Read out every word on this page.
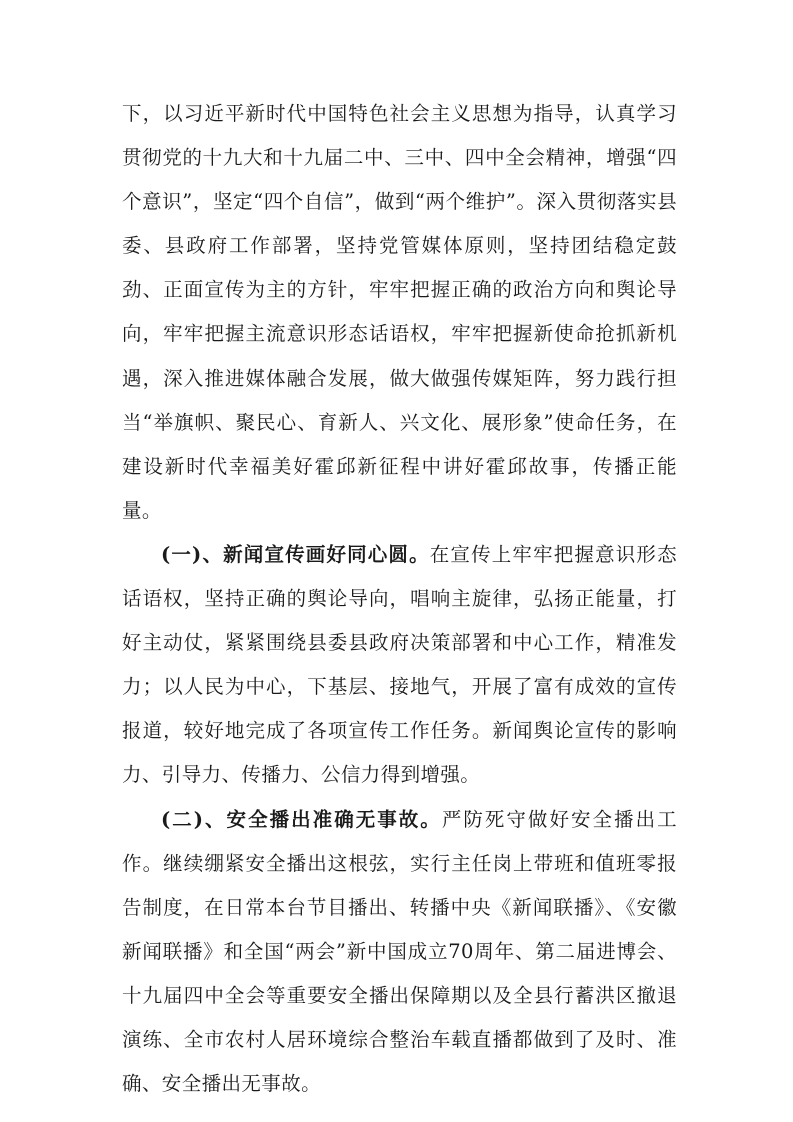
下，以习近平新时代中国特色社会主义思想为指导，认真学习贯彻党的十九大和十九届二中、三中、四中全会精神，增强“四个意识”，坚定“四个自信”，做到“两个维护”。深入贯彻落实县委、县政府工作部署，坚持党管媒体原则，坚持团结稳定鼓劲、正面宣传为主的方针，牢牢把握正确的政治方向和舆论导向，牢牢把握主流意识形态话语权，牢牢把握新使命抢抓新机遇，深入推进媒体融合发展，做大做强传媒矩阵，努力践行担当“举旗帜、聚民心、育新人、兴文化、展形象”使命任务，在建设新时代幸福美好霍邱新征程中讲好霍邱故事，传播正能量。

(一)、新闻宣传画好同心圆。在宣传上牢牢把握意识形态话语权，坚持正确的舆论导向，唱响主旋律，弘扬正能量，打好主动仗，紧紧围绕县委县政府决策部署和中心工作，精准发力；以人民为中心，下基层、接地气，开展了富有成效的宣传报道，较好地完成了各项宣传工作任务。新闻舆论宣传的影响力、引导力、传播力、公信力得到增强。

(二)、安全播出准确无事故。严防死守做好安全播出工作。继续绷紧安全播出这根弦，实行主任岗上带班和值班零报告制度，在日常本台节目播出、转播中央《新闻联播》、《安徽新闻联播》和全国“两会”新中国成立70周年、第二届进博会、十九届四中全会等重要安全播出保障期以及全县行蓄洪区撤退演练、全市农村人居环境综合整治车载直播都做到了及时、准确、安全播出无事故。
